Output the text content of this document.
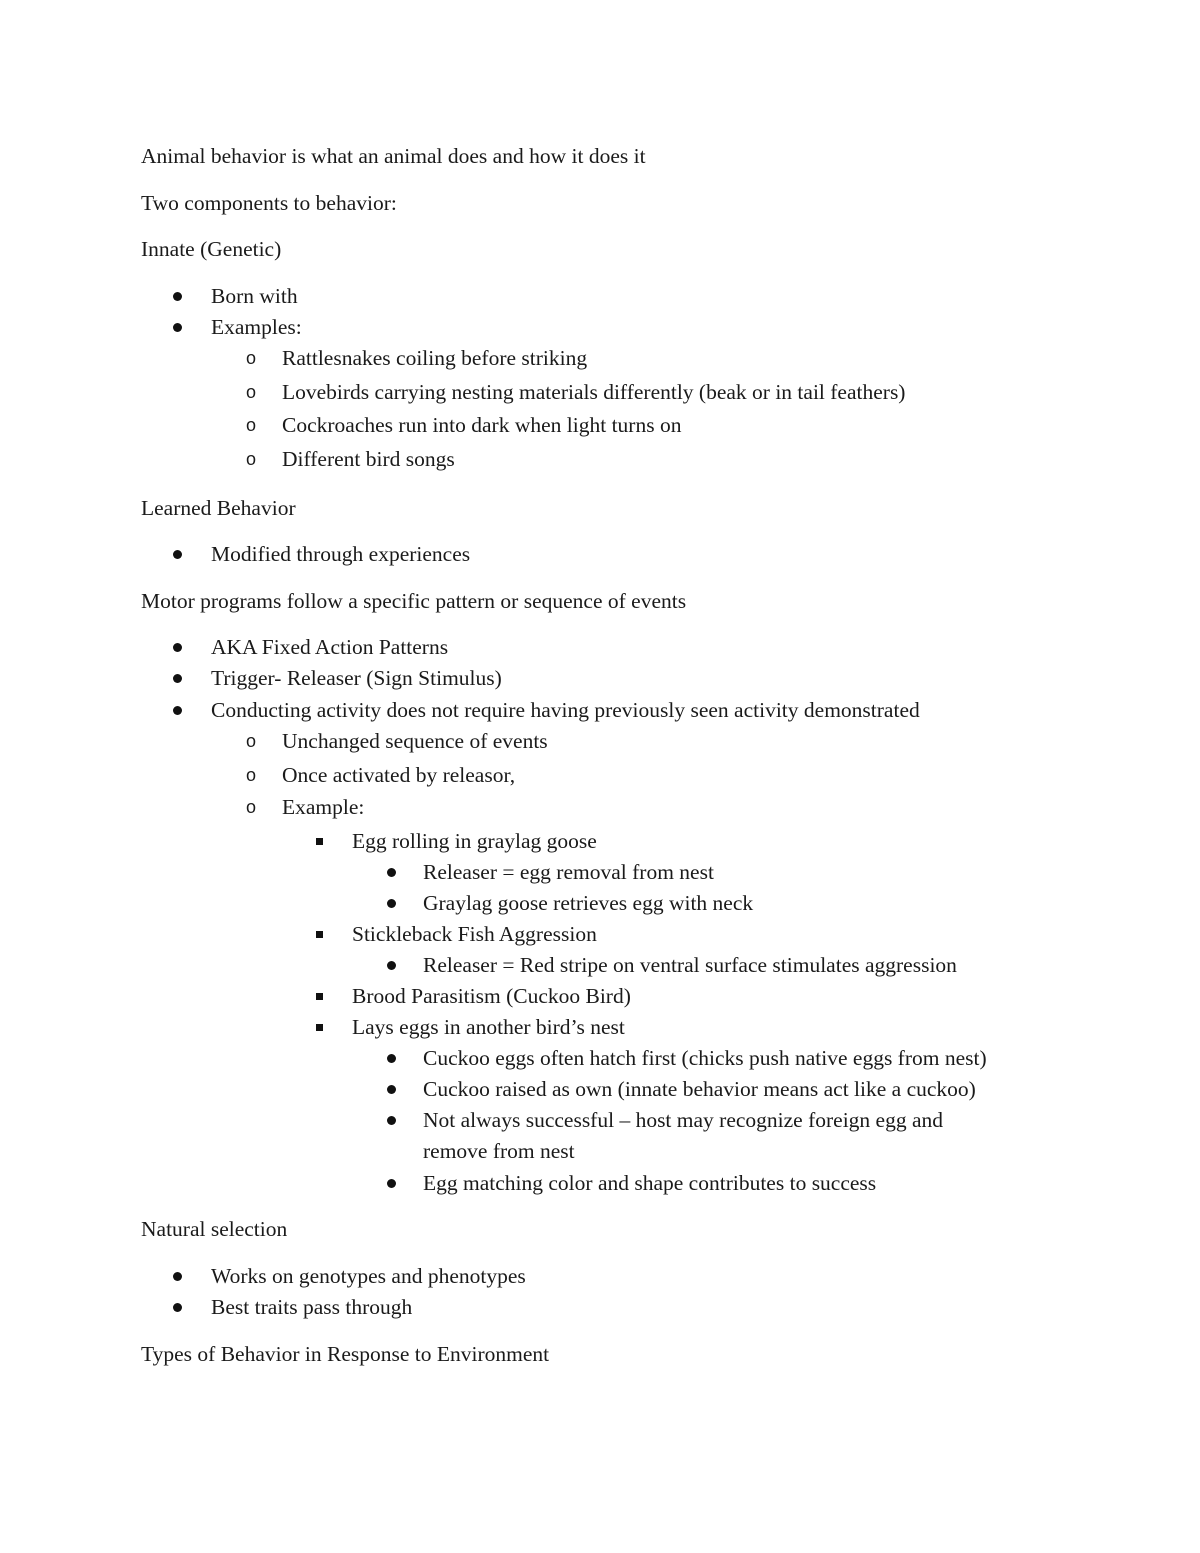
Animal behavior is what an animal does and how it does it
Two components to behavior:
Innate (Genetic)
Born with
Examples:
o Rattlesnakes coiling before striking
o Lovebirds carrying nesting materials differently (beak or in tail feathers)
o Cockroaches run into dark when light turns on
o Different bird songs
Learned Behavior
Modified through experiences
Motor programs follow a specific pattern or sequence of events
AKA Fixed Action Patterns
Trigger- Releaser (Sign Stimulus)
Conducting activity does not require having previously seen activity demonstrated
o Unchanged sequence of events
o Once activated by releasor,
o Example:
Egg rolling in graylag goose
Releaser = egg removal from nest
Graylag goose retrieves egg with neck
Stickleback Fish Aggression
Releaser = Red stripe on ventral surface stimulates aggression
Brood Parasitism (Cuckoo Bird)
Lays eggs in another bird’s nest
Cuckoo eggs often hatch first (chicks push native eggs from nest)
Cuckoo raised as own (innate behavior means act like a cuckoo)
Not always successful – host may recognize foreign egg and
remove from nest
Egg matching color and shape contributes to success
Natural selection
Works on genotypes and phenotypes
Best traits pass through
Types of Behavior in Response to Environment
